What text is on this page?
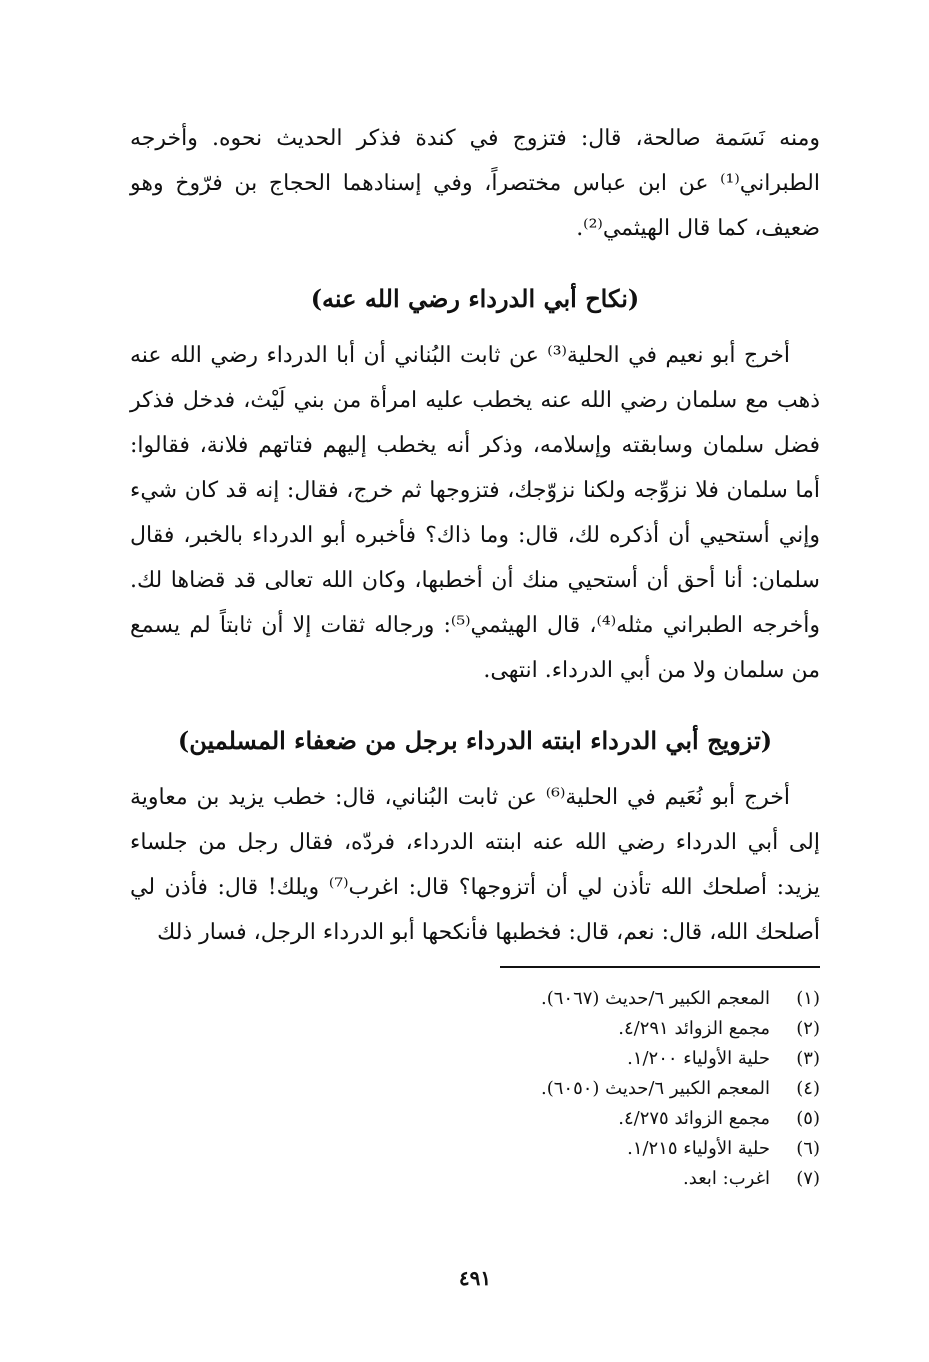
ومنه نَسَمة صالحة، قال: فتزوج في كندة فذكر الحديث نحوه. وأخرجه الطبراني⁽¹⁾ عن ابن عباس مختصراً، وفي إسنادهما الحجاج بن فرّوخ وهو ضعيف، كما قال الهيثمي⁽²⁾.

(نكاح أبي الدرداء رضي الله عنه)

أخرج أبو نعيم في الحلية⁽³⁾ عن ثابت البُناني أن أبا الدرداء رضي الله عنه ذهب مع سلمان رضي الله عنه يخطب عليه امرأة من بني لَيْث، فدخل فذكر فضل سلمان وسابقته وإسلامه، وذكر أنه يخطب إليهم فتاتهم فلانة، فقالوا: أما سلمان فلا نزوِّجه ولكنا نزوّجك، فتزوجها ثم خرج، فقال: إنه قد كان شيء وإني أستحيي أن أذكره لك، قال: وما ذاك؟ فأخبره أبو الدرداء بالخبر، فقال سلمان: أنا أحق أن أستحيي منك أن أخطبها، وكان الله تعالى قد قضاها لك. وأخرجه الطبراني مثله⁽⁴⁾، قال الهيثمي⁽⁵⁾: ورجاله ثقات إلا أن ثابتاً لم يسمع من سلمان ولا من أبي الدرداء. انتهى.

(تزويج أبي الدرداء ابنته الدرداء برجل من ضعفاء المسلمين)

أخرج أبو نُعَيم في الحلية⁽⁶⁾ عن ثابت البُناني، قال: خطب يزيد بن معاوية إلى أبي الدرداء رضي الله عنه ابنته الدرداء، فردّه، فقال رجل من جلساء يزيد: أصلحك الله تأذن لي أن أتزوجها؟ قال: اغرب⁽⁷⁾ ويلك! قال: فأذن لي أصلحك الله، قال: نعم، قال: فخطبها فأنكحها أبو الدرداء الرجل، فسار ذلك

(١)
المعجم الكبير ٦/حديث (٦٠٦٧).
(٢)
مجمع الزوائد ٤/٢٩١.
(٣)
حلية الأولياء ١/٢٠٠.
(٤)
المعجم الكبير ٦/حديث (٦٠٥٠).
(٥)
مجمع الزوائد ٤/٢٧٥.
(٦)
حلية الأولياء ١/٢١٥.
(٧)
اغرب: ابعد.
٤٩١
